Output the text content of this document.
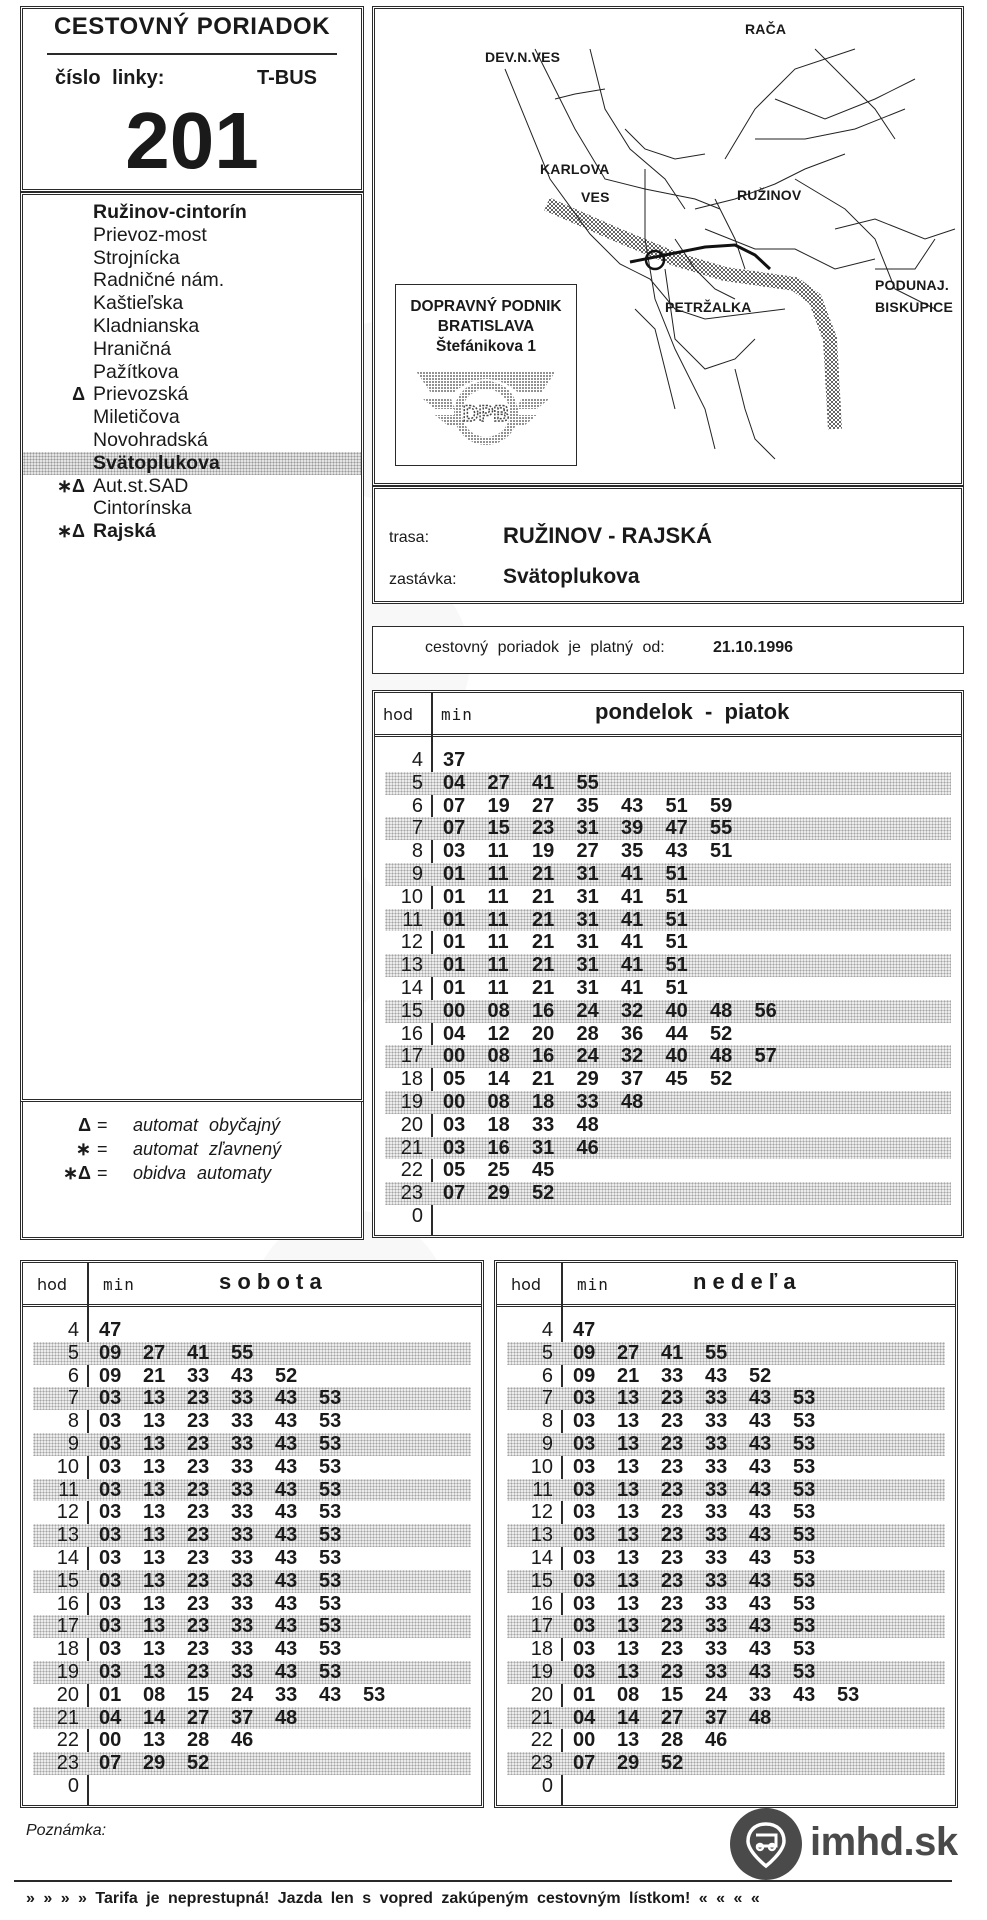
CESTOVNÝ PORIADOK
číslo linky:	T-BUS
201
Ružinov-cintorín
Prievoz-most
Strojnícka
Radničné nám.
Kaštieľska
Kladnianska
Hraničná
Pažítkova
Δ Prievozská
Miletičova
Novohradská
Svätoplukova
∗Δ Aut.st.SAD
Cintorínska
∗Δ Rajská
Δ = automat obyčajný
∗ = automat zľavnený
∗Δ = obidva automaty
RAČA
DEV.N.VES
KARLOVA
VES	RUŽINOV
PODUNAJ.
BISKUPICE
PETRŽALKA
DOPRAVNÝ PODNIK
BRATISLAVA
Štefánikova 1
DPB
trasa:	RUŽINOV - RAJSKÁ
zastávka: Svätoplukova
cestovný poriadok je platný od:	21.10.1996
hod min	pondelok  -  piatok
4 37
5 04 27 41 55
6 07 19 27 35 43 51 59
7 07 15 23 31 39 47 55
8 03 11 19 27 35 43 51
9 01 11 21 31 41 51
10 01 11 21 31 41 51
11 01 11 21 31 41 51
12 01 11 21 31 41 51
13 01 11 21 31 41 51
14 01 11 21 31 41 51
15 00 08 16 24 32 40 48 56
16 04 12 20 28 36 44 52
17 00 08 16 24 32 40 48 57
18 05 14 21 29 37 45 52
19 00 08 18 33 48
20 03 18 33 48
21 03 16 31 46
22 05 25 45
23 07 29 52
0
hod min	s o b o t a
4 47
5 09 27 41 55
6 09 21 33 43 52
7 03 13 23 33 43 53
8 03 13 23 33 43 53
9 03 13 23 33 43 53
10 03 13 23 33 43 53
11 03 13 23 33 43 53
12 03 13 23 33 43 53
13 03 13 23 33 43 53
14 03 13 23 33 43 53
15 03 13 23 33 43 53
16 03 13 23 33 43 53
17 03 13 23 33 43 53
18 03 13 23 33 43 53
19 03 13 23 33 43 53
20 01 08 15 24 33 43 53
21 04 14 27 37 48
22 00 13 28 46
23 07 29 52
0
hod min	n e d e ľ a
4 47
5 09 27 41 55
6 09 21 33 43 52
7 03 13 23 33 43 53
8 03 13 23 33 43 53
9 03 13 23 33 43 53
10 03 13 23 33 43 53
11 03 13 23 33 43 53
12 03 13 23 33 43 53
13 03 13 23 33 43 53
14 03 13 23 33 43 53
15 03 13 23 33 43 53
16 03 13 23 33 43 53
17 03 13 23 33 43 53
18 03 13 23 33 43 53
19 03 13 23 33 43 53
20 01 08 15 24 33 43 53
21 04 14 27 37 48
22 00 13 28 46
23 07 29 52
0
Poznámka:	imhd.sk
» » » » Tarifa je neprestupná! Jazda len s vopred zakúpeným cestovným lístkom! « « « «
